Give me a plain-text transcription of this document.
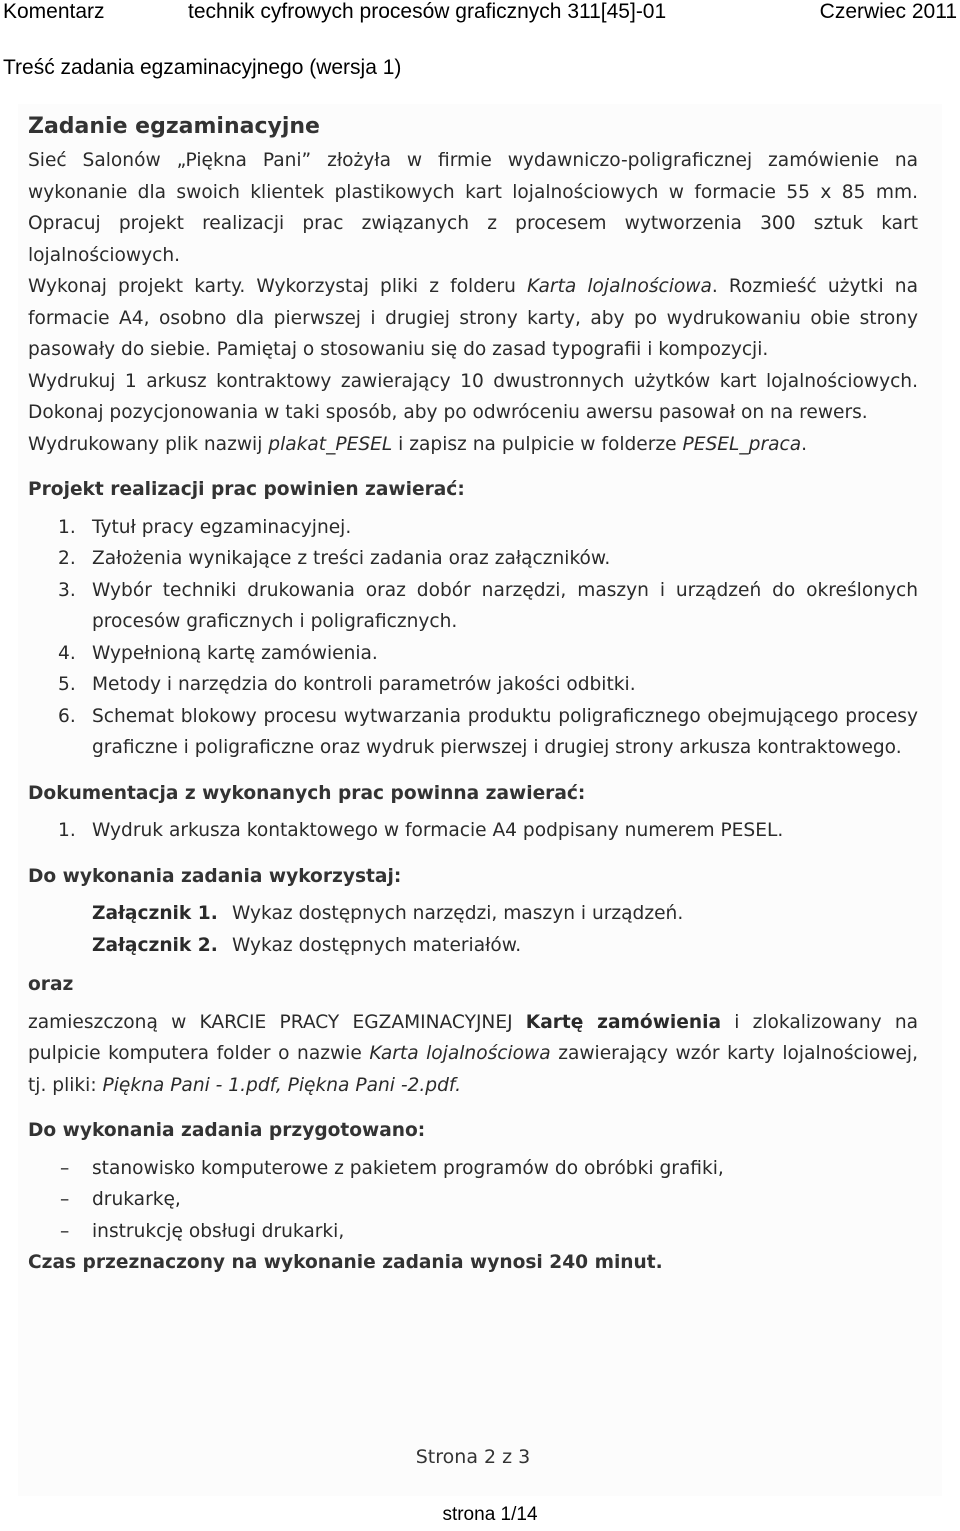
Komentarz	technik cyfrowych procesów graficznych 311[45]-01	Czerwiec 2011
Treść zadania egzaminacyjnego (wersja 1)

Zadanie egzaminacyjne

Sieć Salonów „Piękna Pani” złożyła w firmie wydawniczo-poligraficznej zamówienie na wykonanie dla swoich klientek plastikowych kart lojalnościowych w formacie 55 x 85 mm. Opracuj projekt realizacji prac związanych z procesem wytworzenia 300 sztuk kart lojalnościowych.

Wykonaj projekt karty. Wykorzystaj pliki z folderu Karta lojalnościowa. Rozmieść użytki na formacie A4, osobno dla pierwszej i drugiej strony karty, aby po wydrukowaniu obie strony pasowały do siebie. Pamiętaj o stosowaniu się do zasad typografii i kompozycji.

Wydrukuj 1 arkusz kontraktowy zawierający 10 dwustronnych użytków kart lojalnościowych. Dokonaj pozycjonowania w taki sposób, aby po odwróceniu awersu pasował on na rewers.

Wydrukowany plik nazwij plakat_PESEL i zapisz na pulpicie w folderze PESEL_praca.

Projekt realizacji prac powinien zawierać:

1. Tytuł pracy egzaminacyjnej.
2. Założenia wynikające z treści zadania oraz załączników.
3. Wybór techniki drukowania oraz dobór narzędzi, maszyn i urządzeń do określonych procesów graficznych i poligraficznych.
4. Wypełnioną kartę zamówienia.
5. Metody i narzędzia do kontroli parametrów jakości odbitki.
6. Schemat blokowy procesu wytwarzania produktu poligraficznego obejmującego procesy graficzne i poligraficzne oraz wydruk pierwszej i drugiej strony arkusza kontraktowego.

Dokumentacja z wykonanych prac powinna zawierać:

1. Wydruk arkusza kontaktowego w formacie A4 podpisany numerem PESEL.

Do wykonania zadania wykorzystaj:

Załącznik 1. Wykaz dostępnych narzędzi, maszyn i urządzeń.
Załącznik 2. Wykaz dostępnych materiałów.

oraz

zamieszczoną w KARCIE PRACY EGZAMINACYJNEJ Kartę zamówienia i zlokalizowany na pulpicie komputera folder o nazwie Karta lojalnościowa zawierający wzór karty lojalnościowej, tj. pliki: Piękna Pani - 1.pdf, Piękna Pani -2.pdf.

Do wykonania zadania przygotowano:

– stanowisko komputerowe z pakietem programów do obróbki grafiki,
– drukarkę,
– instrukcję obsługi drukarki,

Czas przeznaczony na wykonanie zadania wynosi 240 minut.

Strona 2 z 3
strona 1/14
